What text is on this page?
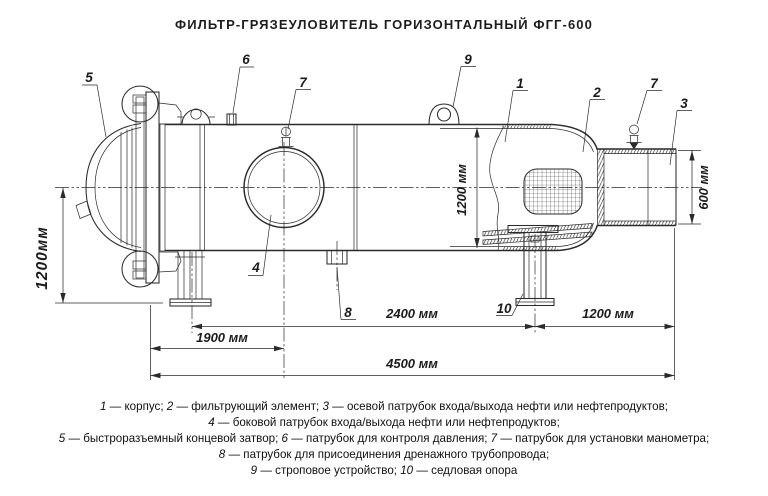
ФИЛЬТР-ГРЯЗЕУЛОВИТЕЛЬ ГОРИЗОНТАЛЬНЫЙ ФГГ-600
1200мм
1200 мм	600 мм
2400 мм	1200 мм
1900 мм
4500 мм
5
6
7
9
1
2
7
3
4
8	10
1 — корпус; 2 — фильтрующий элемент; 3 — осевой патрубок входа/выхода нефти или нефтепродуктов;
4 — боковой патрубок входа/выхода нефти или нефтепродуктов;
5 — быстроразъемный концевой затвор; 6 — патрубок для контроля давления; 7 — патрубок для установки манометра;
8 — патрубок для присоединения дренажного трубопровода;
9 — строповое устройство; 10 — седловая опора
